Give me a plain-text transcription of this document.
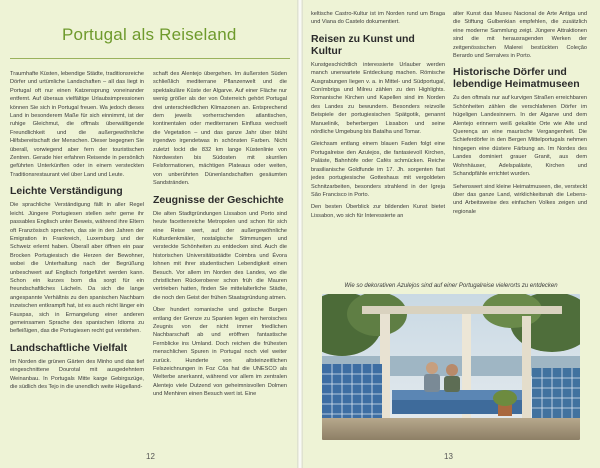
Portugal als Reiseland

Traumhafte Küsten, lebendige Städte, traditionsreiche Dörfer und urtümliche Landschaften – all das liegt in Portugal oft nur einen Katzensprung voneinander entfernt. Auf überaus vielfältige Urlaubsimpressionen können Sie sich in Portugal freuen. Wa jedoch dieses Land in besonderem Maße für sich einnimmt, ist der ruhige Gleichmut, die offmals überwältigende Freundlichkeit und die außergewöhnliche Hilfsbereitschaft der Menschen. Dieser begegnen Sie überall, vorwiegend aber fern der touristischen Zentren. Gerade hier erfahren Reisende in persönlich geführten Unterkünften oder in einem versteckten Traditionsrestaurant viel über Land und Leute.

Leichte Verständigung

Die sprachliche Verständigung fällt in aller Regel leicht. Jüngere Portugiesen stellen sehr gerne ihr passables Englisch unter Beweis, während ihre Eltern oft Französisch sprechen, das sie in den Jahren der Emigration in Frankreich, Luxemburg und der Schweiz erlernt haben. Überall aber öffnen ein paar Brocken Portugiesisch die Herzen der Bewohner, wobei die Unterhaltung nach der Begrüßung unbeschwert auf Englisch fortgeführt werden kann. Schon ein kurzes bom dia sorgt für ein freundschaftliches Lächeln. Da sich die lange angespannte Verhältnis zu den spanischen Nachbarn inzwischen entkrampft hat, ist es auch nicht länger ein Fauxpas, sich in Ermangelung einer anderen gemeinsamen Sprache des spanischen Idioms zu befleißigen, das die Portugiesen recht gut verstehen.

Landschaftliche Vielfalt

Im Norden die grünen Gärten des Minho und das tief eingeschnittene Dourotal mit ausgedehntem Weinanbau. In Portugals Mitte karge Gebirgszüge, die südlich des Tejo in die unendlich weite Hügelland-

schaft des Alentejo übergehen. Im äußersten Süden schließlich mediterrane Pflanzenwelt und die spektakuläre Küste der Algarve. Auf einer Fläche nur wenig größer als der von Österreich gehört Portugal drei unterschiedlichen Klimazonen an. Entsprechend dem jeweils vorherrschenden atlantischen, kontinentalen oder mediterranen Einfluss wechselt die Vegetation – und das ganze Jahr über blüht irgendwo irgendetwas in schönsten Farben. Nicht zuletzt lockt die 832 km lange Küstenlinie von Nordwesten bis Südosten mit skurrilen Felsformationen, mächtigen Plateaus oder weiten, von unberührten Dünenlandschaften gesäumten Sandstränden.

Zeugnisse der Geschichte

Die alten Stadtgründungen Lissabon und Porto sind heute facettenreiche Metropolen und schon für sich eine Reise wert, auf der außergewöhnliche Kulturdenkmäler, nostalgische Stimmungen und versteckte Schönheiten zu entdecken sind. Auch die historischen Universitätsstädte Coimbra und Évora lohnen mit ihrer studentischen Lebendigkeit einen Besuch. Vor allem im Norden des Landes, wo die christlichen Rückeroberer schon früh die Mauren vertrieben hatten, finden Sie mittelalterliche Städte, die noch den Geist der frühen Staatsgründung atmen.

Über hundert romanische und gotische Burgen entlang der Grenze zu Spanien legen ein heroisches Zeugnis von der nicht immer friedlichen Nachbarschaft ab und eröffnen fantastische Fernblicke ins Umland. Doch reichen die frühesten menschlichen Spuren in Portugal noch viel weiter zurück. Hunderte von altsteinzeitlichen Felszeichnungen in Foz Côa hat die UNESCO als Welterbe anerkannt, während vor allem im zentralen Alentejo viele Dutzend von geheimnisvollen Dolmen und Menhiren einen Besuch wert ist. Eine

12

keltische Castro-Kultur ist im Norden rund um Braga und Viana do Castelo dokumentiert.

Reisen zu Kunst und Kultur

Kunstgeschichtlich interessierte Urlauber werden manch unerwartete Entdeckung machen. Römische Ausgrabungen liegen v. a. in Mittel- und Südportugal, Conímbriga und Milreu zählen zu den Highlights. Romanische Kirchen und Kapellen sind im Norden des Landes zu bewundern. Besonders reizvolle Beispiele der portugiesischen Spätgotik, genannt Manuelinik, beherbergen Lissabon und seine nördliche Umgebung bis Batalha und Tomar.

Gleichsam entlang einem blauen Faden folgt eine Portugalreise den Azulejos, die fantasievoll Kirchen, Paläste, Bahnhöfe oder Cafés schmücken. Reiche brasilianische Goldfunde im 17. Jh. sorgenten fast jedes portugiesische Gotteshaus mit vergoldeten Schnitzarbeiten, besonders strahlend in der Igreja São Francisco in Porto.

Den besten Überblick zur bildenden Kunst bietet Lissabon, wo sich für Interessierte an

alter Kunst das Museu Nacional de Arte Antiga und die Stiftung Gulbenkian empfehlen, die zusätzlich eine moderne Sammlung zeigt. Jüngere Attraktionen sind die mit herausragenden Werken der zeitgenössischen Malerei bestückten Coleção Berardo und Serralves in Porto.

Historische Dörfer und lebendige Heimatmuseen

Zu den oftmals nur auf kurvigen Straßen erreichbaren Schönheiten zählen die verschlafenen Dörfer im hügeligen Landesinnern. In der Algarve und dem Alentejo erinnern weiß gekalkte Orte wie Alte und Querença an eine maurische Vergangenheit. Die Schieferdörfer in den Bergen Mittelportugals nehmen hingegen eine düstere Färbung an. Im Nordes des Landes dominiert grauer Granit, aus dem Wohnhäuser, Adelspaläste, Kirchen und Schandpfähle errichtet wurden.

Sehenswert sind kleine Heimatmuseen, die, versteckt über das ganze Land, wirklichkeitsnah die Lebens- und Arbeitsweise des einfachen Volkes zeigen und regionale

13
Wie so dekorativen Azulejos sind auf einer Portugalreise vielerorts zu entdecken
